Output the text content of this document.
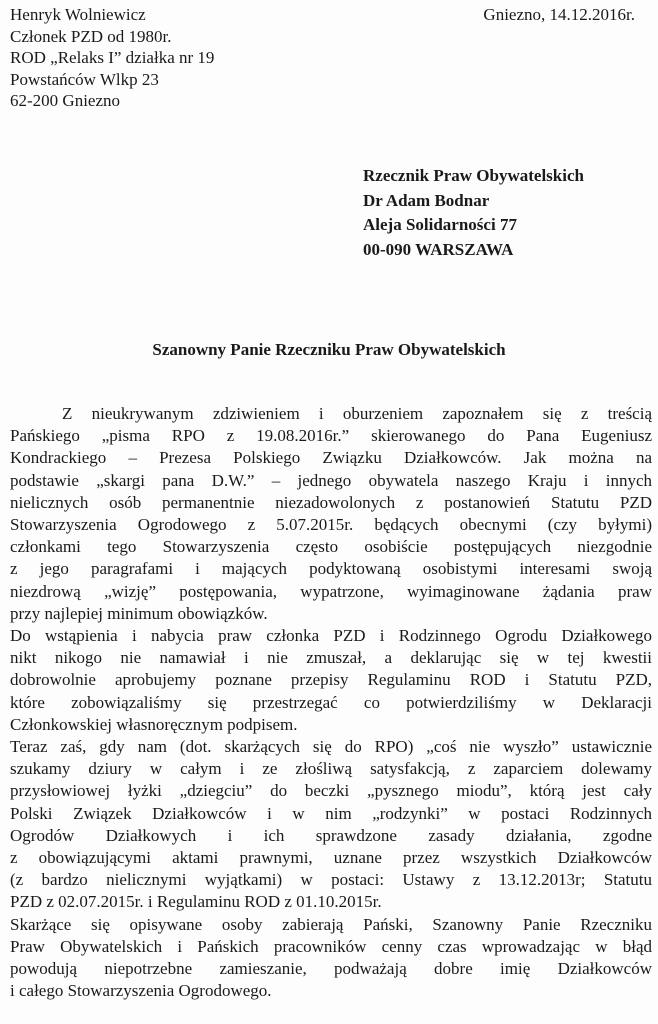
Henryk Wolniewicz
Członek PZD od 1980r.
ROD „Relaks I” działka nr 19
Powstańców Wlkp 23
62-200 Gniezno
Gniezno, 14.12.2016r.
Rzecznik Praw Obywatelskich
Dr Adam Bodnar
Aleja Solidarności 77
00-090 WARSZAWA
Szanowny Panie Rzeczniku Praw Obywatelskich
Z nieukrywanym zdziwieniem i oburzeniem zapoznałem się z treścią
Pańskiego „pisma RPO z 19.08.2016r.” skierowanego do Pana Eugeniusz
Kondrackiego – Prezesa Polskiego Związku Działkowców. Jak można na
podstawie „skargi pana D.W.” – jednego obywatela naszego Kraju i innych
nielicznych osób permanentnie niezadowolonych z postanowień Statutu PZD
Stowarzyszenia Ogrodowego z 5.07.2015r. będących obecnymi (czy byłymi)
członkami tego Stowarzyszenia często osobiście postępujących niezgodnie
z jego paragrafami i mających podyktowaną osobistymi interesami swoją
niezdrową „wizję” postępowania, wypatrzone, wyimaginowane żądania praw
przy najlepiej minimum obowiązków.
Do wstąpienia i nabycia praw członka PZD i Rodzinnego Ogrodu Działkowego
nikt nikogo nie namawiał i nie zmuszał, a deklarując się w tej kwestii
dobrowolnie aprobujemy poznane przepisy Regulaminu ROD i Statutu PZD,
które zobowiązaliśmy się przestrzegać co potwierdziliśmy w Deklaracji
Członkowskiej własnoręcznym podpisem.
Teraz zaś, gdy nam (dot. skarżących się do RPO) „coś nie wyszło” ustawicznie
szukamy dziury w całym i ze złośliwą satysfakcją, z zaparciem dolewamy
przysłowiowej łyżki „dziegciu” do beczki „pysznego miodu”, którą jest cały
Polski Związek Działkowców i w nim „rodzynki” w postaci Rodzinnych
Ogrodów Działkowych i ich sprawdzone zasady działania, zgodne
z obowiązującymi aktami prawnymi, uznane przez wszystkich Działkowców
(z bardzo nielicznymi wyjątkami) w postaci: Ustawy z 13.12.2013r; Statutu
PZD z 02.07.2015r. i Regulaminu ROD z 01.10.2015r.
Skarżące się opisywane osoby zabierają Pański, Szanowny Panie Rzeczniku
Praw Obywatelskich i Pańskich pracowników cenny czas wprowadzając w błąd
powodują niepotrzebne zamieszanie, podważają dobre imię Działkowców
i całego Stowarzyszenia Ogrodowego.
